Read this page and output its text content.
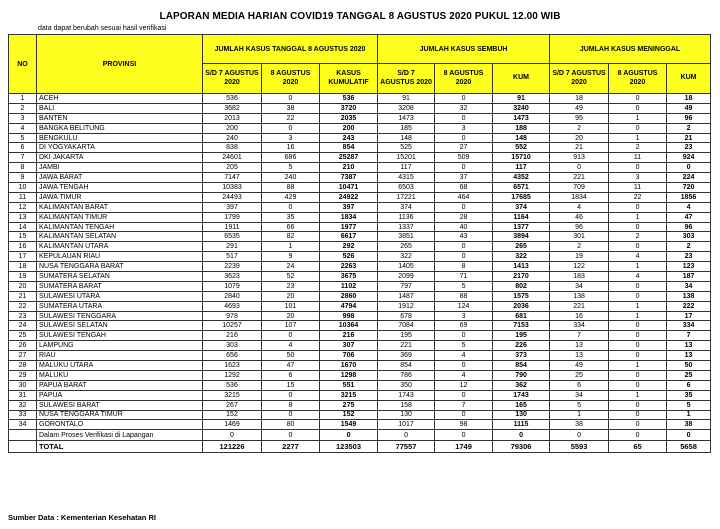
LAPORAN MEDIA HARIAN COVID19 TANGGAL 8 AGUSTUS 2020 PUKUL 12.00 WIB
data dapat berubah sesuai hasil verifikasi
NO	PROVINSI	JUMLAH KASUS TANGGAL 8 AGUSTUS 2020			JUMLAH KASUS SEMBUH			JUMLAH KASUS MENINGGAL		
		S/D 7 AGUSTUS 2020	8 AGUSTUS 2020	KASUS KUMULATIF	S/D 7 AGUSTUS 2020	8 AGUSTUS 2020	KUM	S/D 7 AGUSTUS 2020	8 AGUSTUS 2020	KUM
1	ACEH	536	0	536	91	0	91	18	0	18
2	BALI	3682	38	3720	3208	32	3240	49	0	49
3	BANTEN	2013	22	2035	1473	0	1473	95	1	96
4	BANGKA BELITUNG	200	0	200	185	3	188	2	0	2
5	BENGKULU	240	3	243	148	0	148	20	1	21
6	DI YOGYAKARTA	838	16	854	525	27	552	21	2	23
7	DKI JAKARTA	24601	686	25287	15201	509	15710	913	11	924
8	JAMBI	205	5	210	117	0	117	0	0	0
9	JAWA BARAT	7147	240	7387	4315	37	4352	221	3	224
10	JAWA TENGAH	10383	88	10471	6503	68	6571	709	11	720
11	JAWA TIMUR	24493	429	24922	17221	464	17685	1834	22	1856
12	KALIMANTAN BARAT	397	0	397	374	0	374	4	0	4
13	KALIMANTAN TIMUR	1799	35	1834	1136	28	1164	46	1	47
14	KALIMANTAN TENGAH	1911	66	1977	1337	40	1377	96	0	96
15	KALIMANTAN SELATAN	6535	82	6617	3851	43	3894	301	2	303
16	KALIMANTAN UTARA	291	1	292	265	0	265	2	0	2
17	KEPULAUAN RIAU	517	9	526	322	0	322	19	4	23
18	NUSA TENGGARA BARAT	2239	24	2263	1405	8	1413	122	1	123
19	SUMATERA SELATAN	3623	52	3675	2099	71	2170	183	4	187
20	SUMATERA BARAT	1079	23	1102	797	5	802	34	0	34
21	SULAWESI UTARA	2840	20	2860	1487	88	1575	138	0	138
22	SUMATERA UTARA	4693	101	4794	1912	124	2036	221	1	222
23	SULAWESI TENGGARA	978	20	998	678	3	681	16	1	17
24	SULAWESI SELATAN	10257	107	10364	7084	69	7153	334	0	334
25	SULAWESI TENGAH	216	0	216	195	0	195	7	0	7
26	LAMPUNG	303	4	307	221	5	226	13	0	13
27	RIAU	656	50	706	369	4	373	13	0	13
28	MALUKU UTARA	1623	47	1670	854	0	854	49	1	50
29	MALUKU	1292	6	1298	786	4	790	25	0	25
30	PAPUA BARAT	536	15	551	350	12	362	6	0	6
31	PAPUA	3215	0	3215	1743	0	1743	34	1	35
32	SULAWESI BARAT	267	8	275	158	7	165	5	0	5
33	NUSA TENGGARA TIMUR	152	0	152	130	0	130	1	0	1
34	GORONTALO	1469	80	1549	1017	98	1115	38	0	38
	Dalam Proses Verifikasi di Lapangan	0	0	0	0	0	0	0	0	0
	TOTAL	121226	2277	123503	77557	1749	79306	5593	65	5658
Sumber Data : Kementerian Kesehatan RI
